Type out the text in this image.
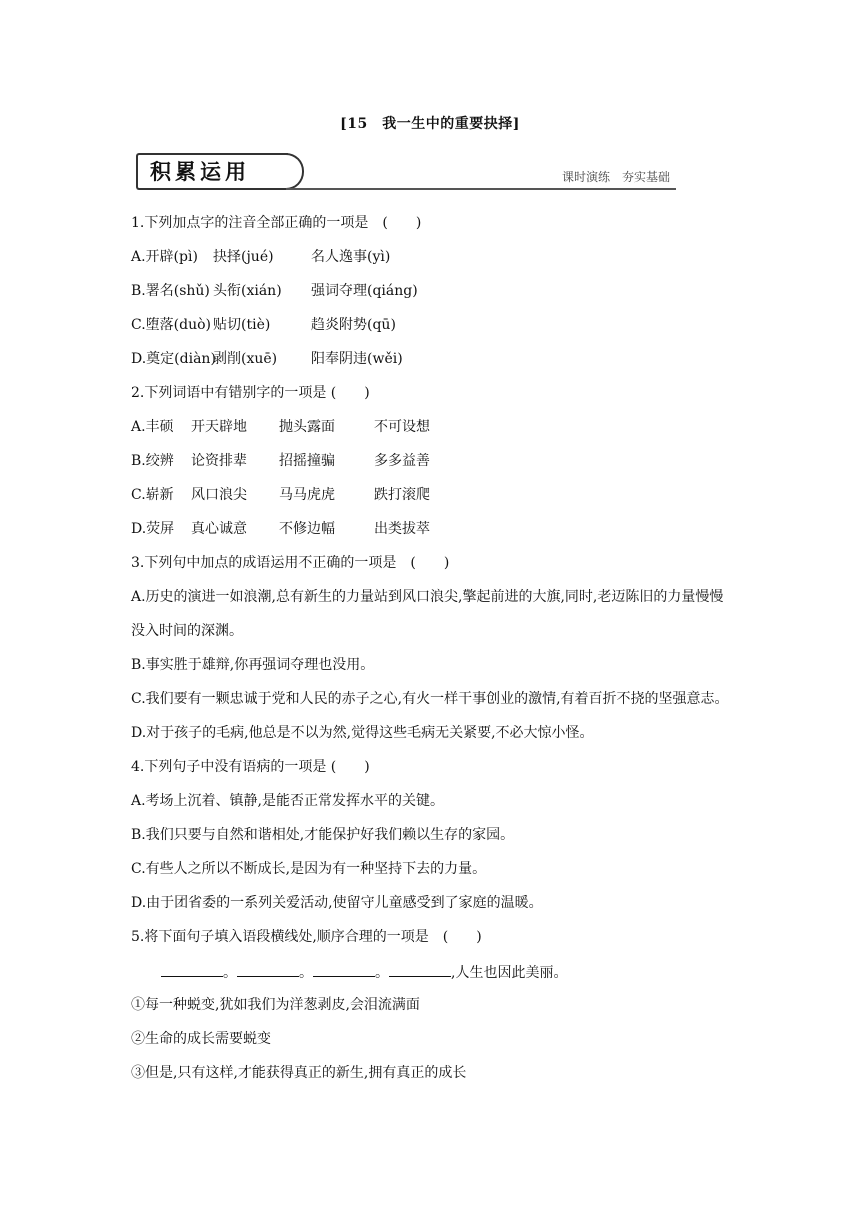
[15　我一生中的重要抉择]
积累运用	课时演练　夯实基础
1.下列加点字的注音全部正确的一项是　(　　)
A.开辟(pì) 抉择(jué)	名人逸事(yì)
B.署名(shǔ) 头衔(xián) 强词夺理(qiáng)
C.堕落(duò) 贴切(tiè)	趋炎附势(qū)
D.奠定(diàn)剥削(xuē) 阳奉阴违(wěi)
2.下列词语中有错别字的一项是 (　　)
A.丰硕 开天辟地 抛头露面	不可设想
B.绞辨 论资排辈 招摇撞骗	多多益善
C.崭新 风口浪尖 马马虎虎	跌打滚爬
D.荧屏 真心诚意 不修边幅	出类拔萃
3.下列句中加点的成语运用不正确的一项是　(　　)
A.历史的演进一如浪潮,总有新生的力量站到风口浪尖,擎起前进的大旗,同时,老迈陈旧的力量慢慢没入时间的深渊。
B.事实胜于雄辩,你再强词夺理也没用。
C.我们要有一颗忠诚于党和人民的赤子之心,有火一样干事创业的激情,有着百折不挠的坚强意志。
D.对于孩子的毛病,他总是不以为然,觉得这些毛病无关紧要,不必大惊小怪。
4.下列句子中没有语病的一项是 (　　)
A.考场上沉着、镇静,是能否正常发挥水平的关键。
B.我们只要与自然和谐相处,才能保护好我们赖以生存的家园。
C.有些人之所以不断成长,是因为有一种坚持下去的力量。
D.由于团省委的一系列关爱活动,使留守儿童感受到了家庭的温暖。
5.将下面句子填入语段横线处,顺序合理的一项是　(　　)
。	。	。	,人生也因此美丽。
①每一种蜕变,犹如我们为洋葱剥皮,会泪流满面
②生命的成长需要蜕变
③但是,只有这样,才能获得真正的新生,拥有真正的成长
